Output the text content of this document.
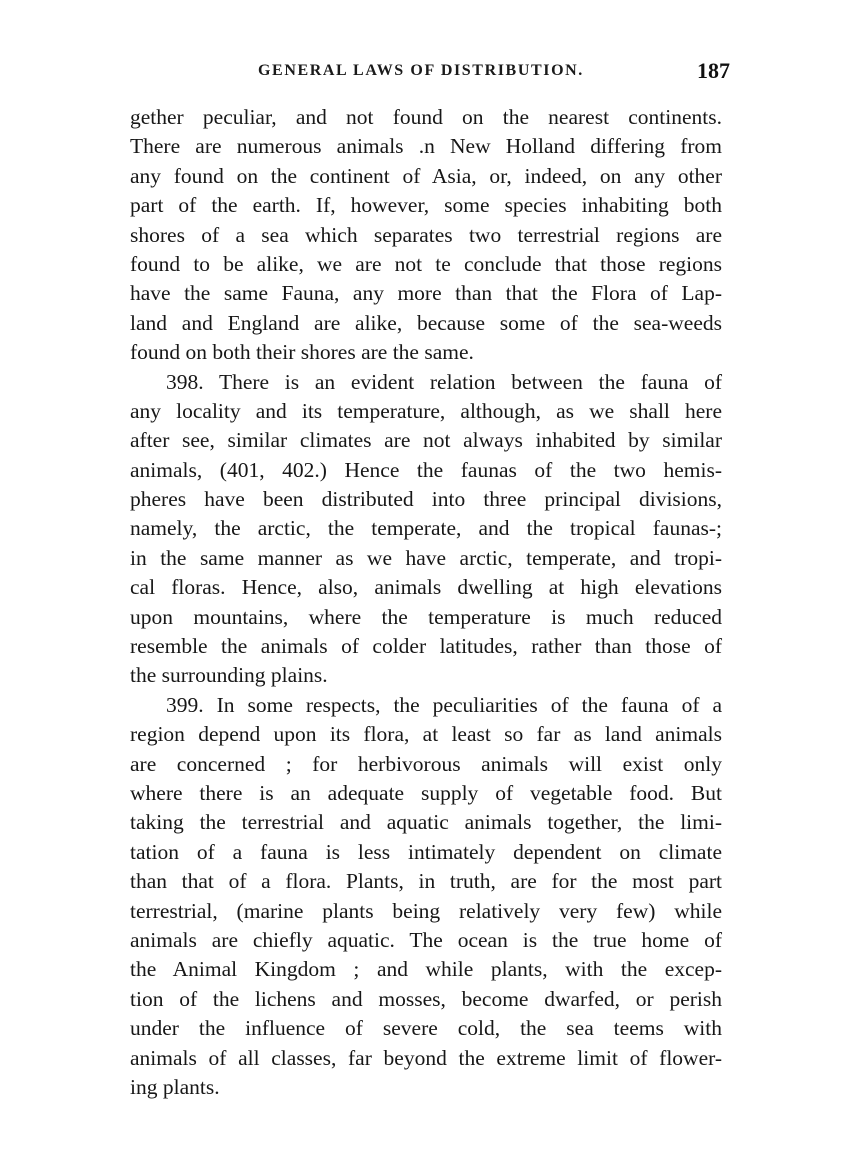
GENERAL LAWS OF DISTRIBUTION.	187
gether peculiar, and not found on the nearest continents.
There are numerous animals .n New Holland differing from
any found on the continent of Asia, or, indeed, on any other
part of the earth. If, however, some species inhabiting both
shores of a sea which separates two terrestrial regions are
found to be alike, we are not te conclude that those regions
have the same Fauna, any more than that the Flora of Lap-
land and England are alike, because some of the sea-weeds
found on both their shores are the same.
398. There is an evident relation between the fauna of
any locality and its temperature, although, as we shall here
after see, similar climates are not always inhabited by similar
animals, (401, 402.) Hence the faunas of the two hemis-
pheres have been distributed into three principal divisions,
namely, the arctic, the temperate, and the tropical faunas-;
in the same manner as we have arctic, temperate, and tropi-
cal floras. Hence, also, animals dwelling at high elevations
upon mountains, where the temperature is much reduced
resemble the animals of colder latitudes, rather than those of
the surrounding plains.
399. In some respects, the peculiarities of the fauna of a
region depend upon its flora, at least so far as land animals
are concerned ; for herbivorous animals will exist only
where there is an adequate supply of vegetable food. But
taking the terrestrial and aquatic animals together, the limi-
tation of a fauna is less intimately dependent on climate
than that of a flora. Plants, in truth, are for the most part
terrestrial, (marine plants being relatively very few) while
animals are chiefly aquatic. The ocean is the true home of
the Animal Kingdom ; and while plants, with the excep-
tion of the lichens and mosses, become dwarfed, or perish
under the influence of severe cold, the sea teems with
animals of all classes, far beyond the extreme limit of flower-
ing plants.
